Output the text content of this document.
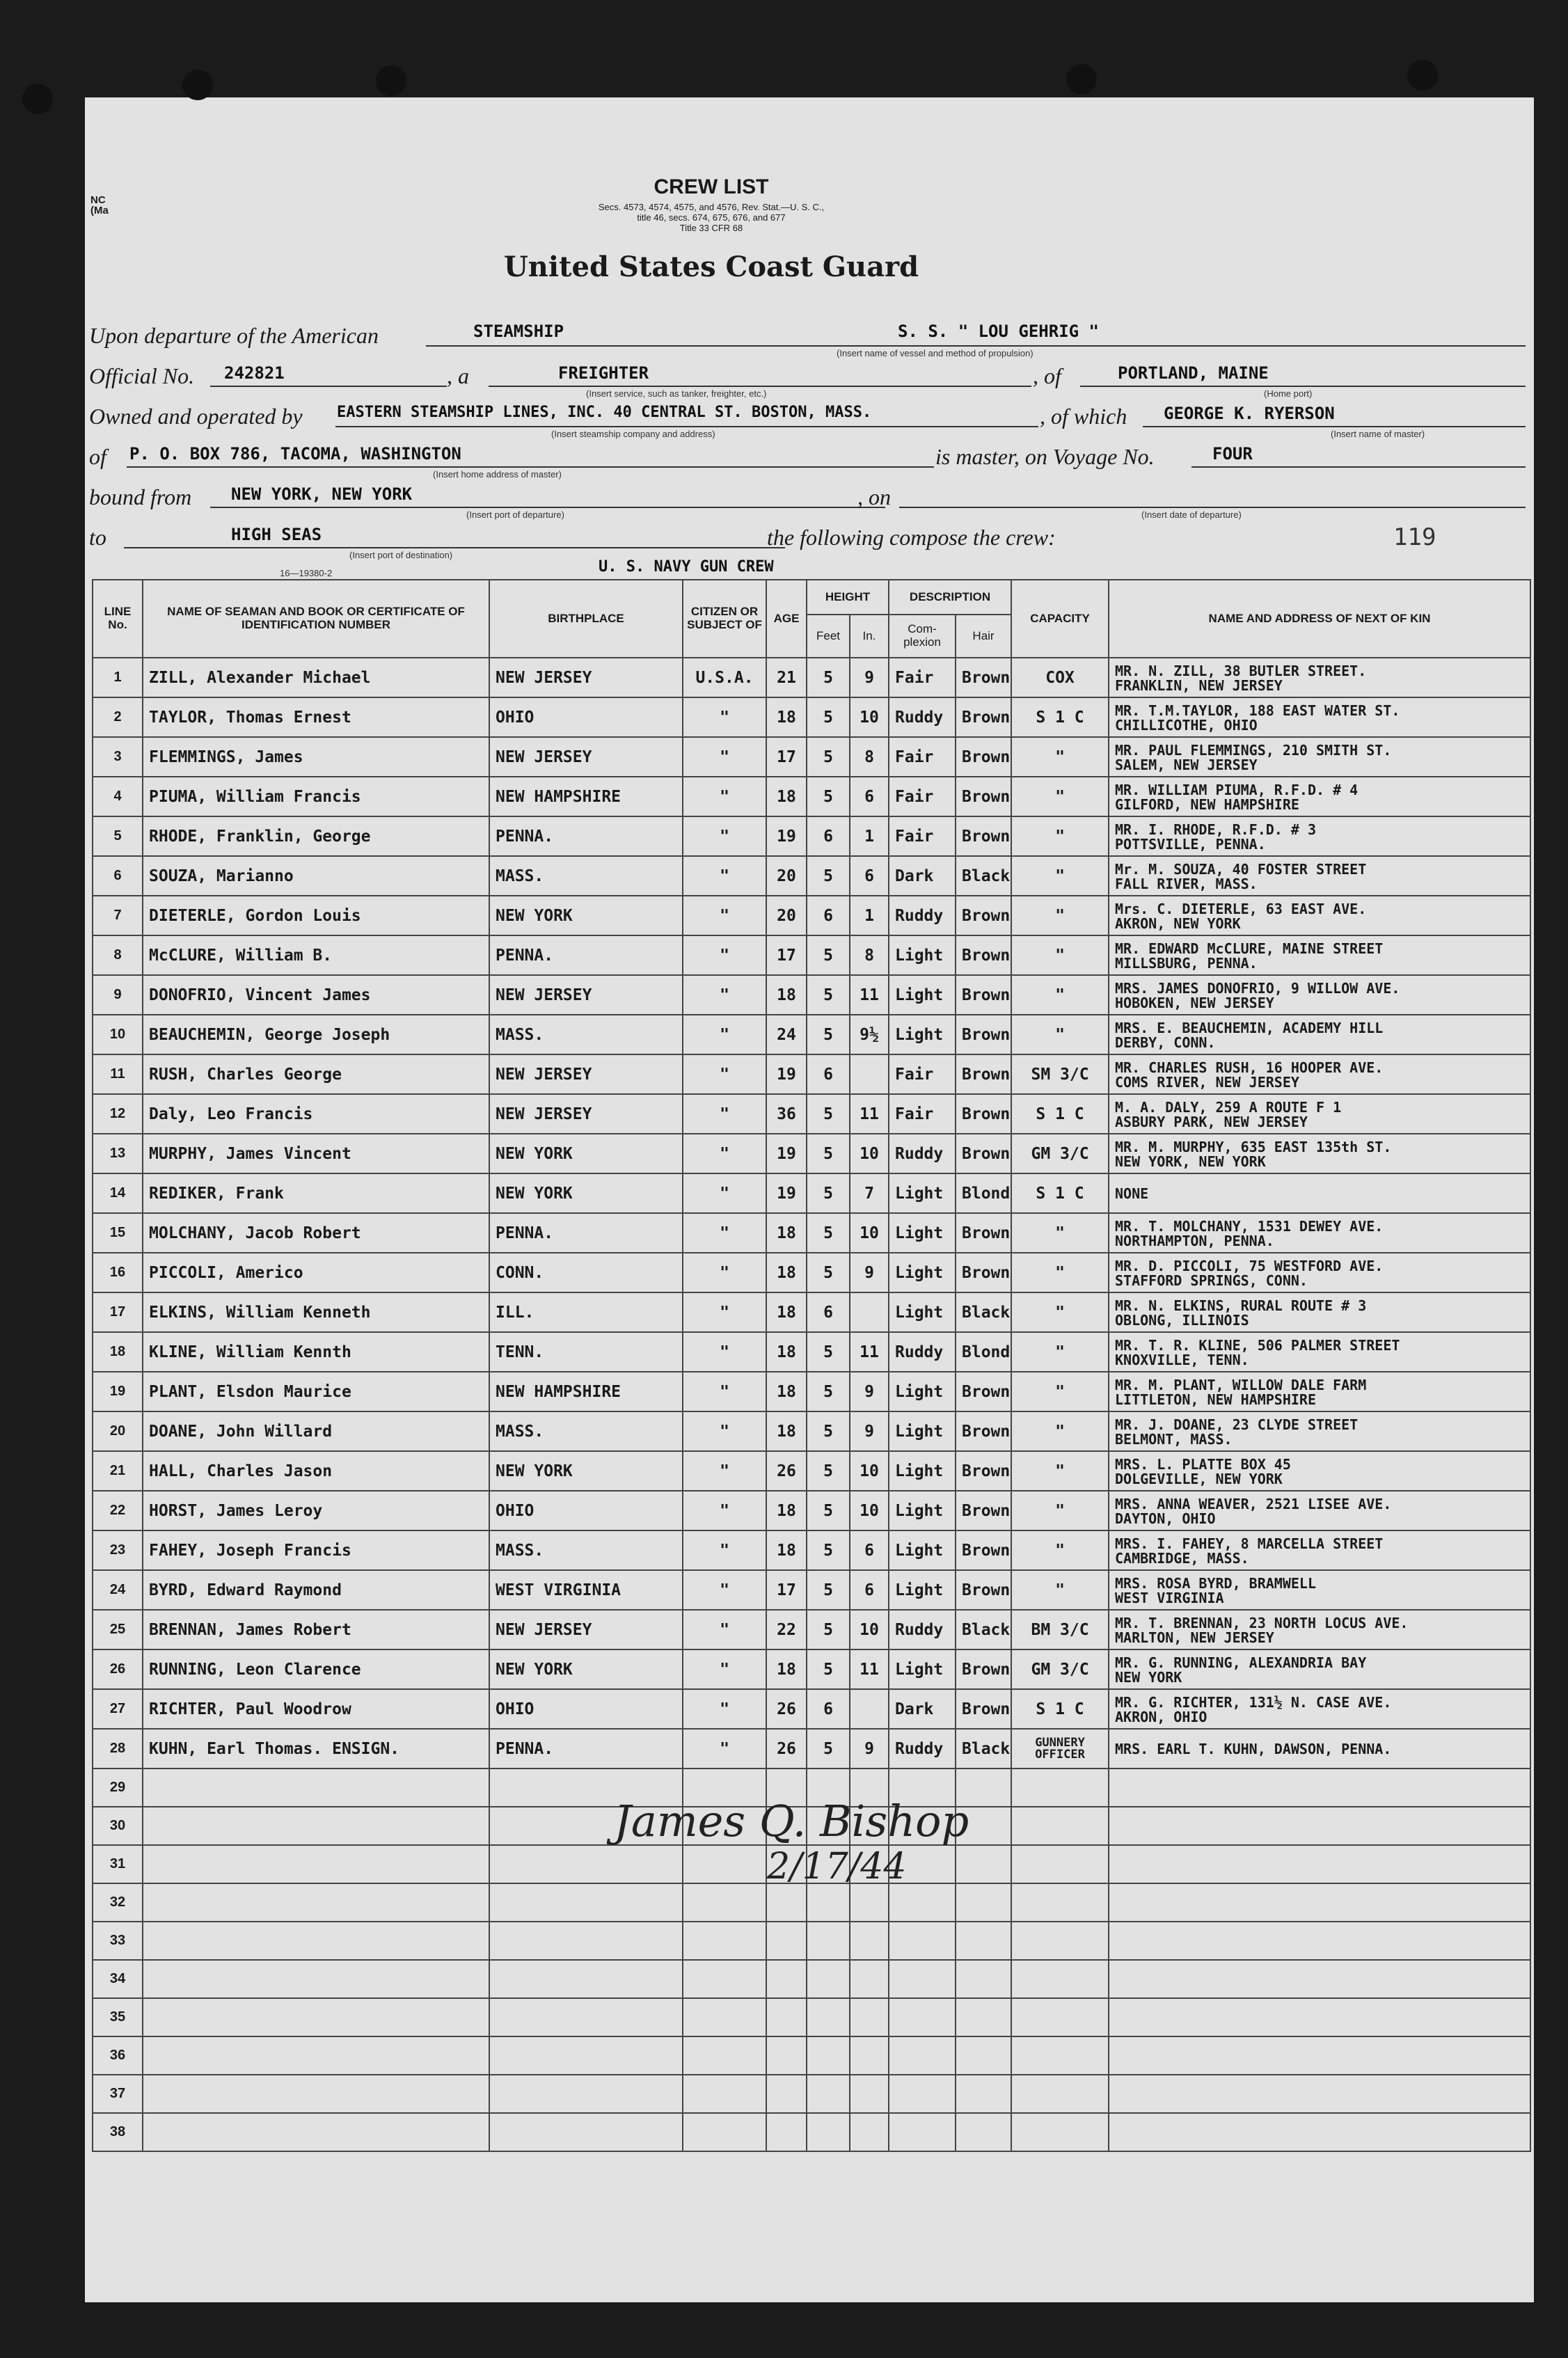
NC
(Ma
CREW LIST
Secs. 4573, 4574, 4575, and 4576, Rev. Stat.—U. S. C.,
title 46, secs. 674, 675, 676, and 677
Title 33 CFR 68
United States Coast Guard
Upon departure of the American	STEAMSHIP	S. S. " LOU GEHRIG "
(Insert name of vessel and method of propulsion)
Official No. 242821	, a	FREIGHTER
(Insert service, such as tanker, freighter, etc.)
, of	PORTLAND, MAINE
(Home port)
Owned and operated by EASTERN STEAMSHIP LINES, INC. 40 CENTRAL ST. BOSTON, MASS.
(Insert steamship company and address)
, of which GEORGE K. RYERSON
(Insert name of master)
of P. O. BOX 786, TACOMA, WASHINGTON
(Insert home address of master)
is master, on Voyage No.	FOUR
bound from NEW YORK, NEW YORK
(Insert port of departure)
, on
(Insert date of departure)
to	HIGH SEAS
(Insert port of destination)
the following compose the crew:	119
16—19380-2	U. S. NAVY GUN CREW
LINE No.	NAME OF SEAMAN AND BOOK OR CERTIFICATE OF IDENTIFICATION NUMBER	BIRTHPLACE	CITIZEN OR SUBJECT OF	AGE	HEIGHT		DESCRIPTION		CAPACITY	NAME AND ADDRESS OF NEXT OF KIN
					Feet	In.	Com- plexion	Hair		
1	ZILL, Alexander Michael	NEW JERSEY	U.S.A.	21	5	9	Fair	Brown	COX	MR. N. ZILL, 38 BUTLER STREET.
FRANKLIN, NEW JERSEY

2	TAYLOR, Thomas Ernest	OHIO	"	18	5	10	Ruddy	Brown	S 1 C	MR. T.M.TAYLOR, 188 EAST WATER ST.
CHILLICOTHE, OHIO

3	FLEMMINGS, James	NEW JERSEY	"	17	5	8	Fair	Brown	"	MR. PAUL FLEMMINGS, 210 SMITH ST.
SALEM, NEW JERSEY

4	PIUMA, William Francis	NEW HAMPSHIRE	"	18	5	6	Fair	Brown	"	MR. WILLIAM PIUMA, R.F.D. # 4
GILFORD, NEW HAMPSHIRE

5	RHODE, Franklin, George	PENNA.	"	19	6	1	Fair	Brown	"	MR. I. RHODE, R.F.D. # 3
POTTSVILLE, PENNA.

6	SOUZA, Marianno	MASS.	"	20	5	6	Dark	Black	"	Mr. M. SOUZA, 40 FOSTER STREET
FALL RIVER, MASS.

7	DIETERLE, Gordon Louis	NEW YORK	"	20	6	1	Ruddy	Brown	"	Mrs. C. DIETERLE, 63 EAST AVE.
AKRON, NEW YORK

8	McCLURE, William B.	PENNA.	"	17	5	8	Light	Brown	"	MR. EDWARD McCLURE, MAINE STREET
MILLSBURG, PENNA.

9	DONOFRIO, Vincent James	NEW JERSEY	"	18	5	11	Light	Brown	"	MRS. JAMES DONOFRIO, 9 WILLOW AVE.
HOBOKEN, NEW JERSEY

10	BEAUCHEMIN, George Joseph	MASS.	"	24	5	9½	Light	Brown	"	MRS. E. BEAUCHEMIN, ACADEMY HILL
DERBY, CONN.

11	RUSH, Charles George	NEW JERSEY	"	19	6		Fair	Brown	SM 3/C	MR. CHARLES RUSH, 16 HOOPER AVE.
COMS RIVER, NEW JERSEY

12	Daly, Leo Francis	NEW JERSEY	"	36	5	11	Fair	Brown	S 1 C	M. A. DALY, 259 A ROUTE F 1
ASBURY PARK, NEW JERSEY

13	MURPHY, James Vincent	NEW YORK	"	19	5	10	Ruddy	Brown	GM 3/C	MR. M. MURPHY, 635 EAST 135th ST.
NEW YORK, NEW YORK

14	REDIKER, Frank	NEW YORK	"	19	5	7	Light	Blond	S 1 C	NONE

15	MOLCHANY, Jacob Robert	PENNA.	"	18	5	10	Light	Brown	"	MR. T. MOLCHANY, 1531 DEWEY AVE.
NORTHAMPTON, PENNA.

16	PICCOLI, Americo	CONN.	"	18	5	9	Light	Brown	"	MR. D. PICCOLI, 75 WESTFORD AVE.
STAFFORD SPRINGS, CONN.

17	ELKINS, William Kenneth	ILL.	"	18	6		Light	Black	"	MR. N. ELKINS, RURAL ROUTE # 3
OBLONG, ILLINOIS

18	KLINE, William Kennth	TENN.	"	18	5	11	Ruddy	Blond	"	MR. T. R. KLINE, 506 PALMER STREET
KNOXVILLE, TENN.

19	PLANT, Elsdon Maurice	NEW HAMPSHIRE	"	18	5	9	Light	Brown	"	MR. M. PLANT, WILLOW DALE FARM
LITTLETON, NEW HAMPSHIRE

20	DOANE, John Willard	MASS.	"	18	5	9	Light	Brown	"	MR. J. DOANE, 23 CLYDE STREET
BELMONT, MASS.

21	HALL, Charles Jason	NEW YORK	"	26	5	10	Light	Brown	"	MRS. L. PLATTE BOX 45
DOLGEVILLE, NEW YORK

22	HORST, James Leroy	OHIO	"	18	5	10	Light	Brown	"	MRS. ANNA WEAVER, 2521 LISEE AVE.
DAYTON, OHIO

23	FAHEY, Joseph Francis	MASS.	"	18	5	6	Light	Brown	"	MRS. I. FAHEY, 8 MARCELLA STREET
CAMBRIDGE, MASS.

24	BYRD, Edward Raymond	WEST VIRGINIA	"	17	5	6	Light	Brown	"	MRS. ROSA BYRD, BRAMWELL
WEST VIRGINIA

25	BRENNAN, James Robert	NEW JERSEY	"	22	5	10	Ruddy	Black	BM 3/C	MR. T. BRENNAN, 23 NORTH LOCUS AVE.
MARLTON, NEW JERSEY

26	RUNNING, Leon Clarence	NEW YORK	"	18	5	11	Light	Brown	GM 3/C	MR. G. RUNNING, ALEXANDRIA BAY
NEW YORK

27	RICHTER, Paul Woodrow	OHIO	"	26	6		Dark	Brown	S 1 C	MR. G. RICHTER, 131½ N. CASE AVE.
AKRON, OHIO

28	KUHN, Earl Thomas. ENSIGN.	PENNA.	"	26	5	9	Ruddy	Black	GUNNERY OFFICER	MRS. EARL T. KUHN, DAWSON, PENNA.

29										
30										
31										
32										
33										
34										
35										
36										
37										
38										
James Q. Bishop
2/17/44
